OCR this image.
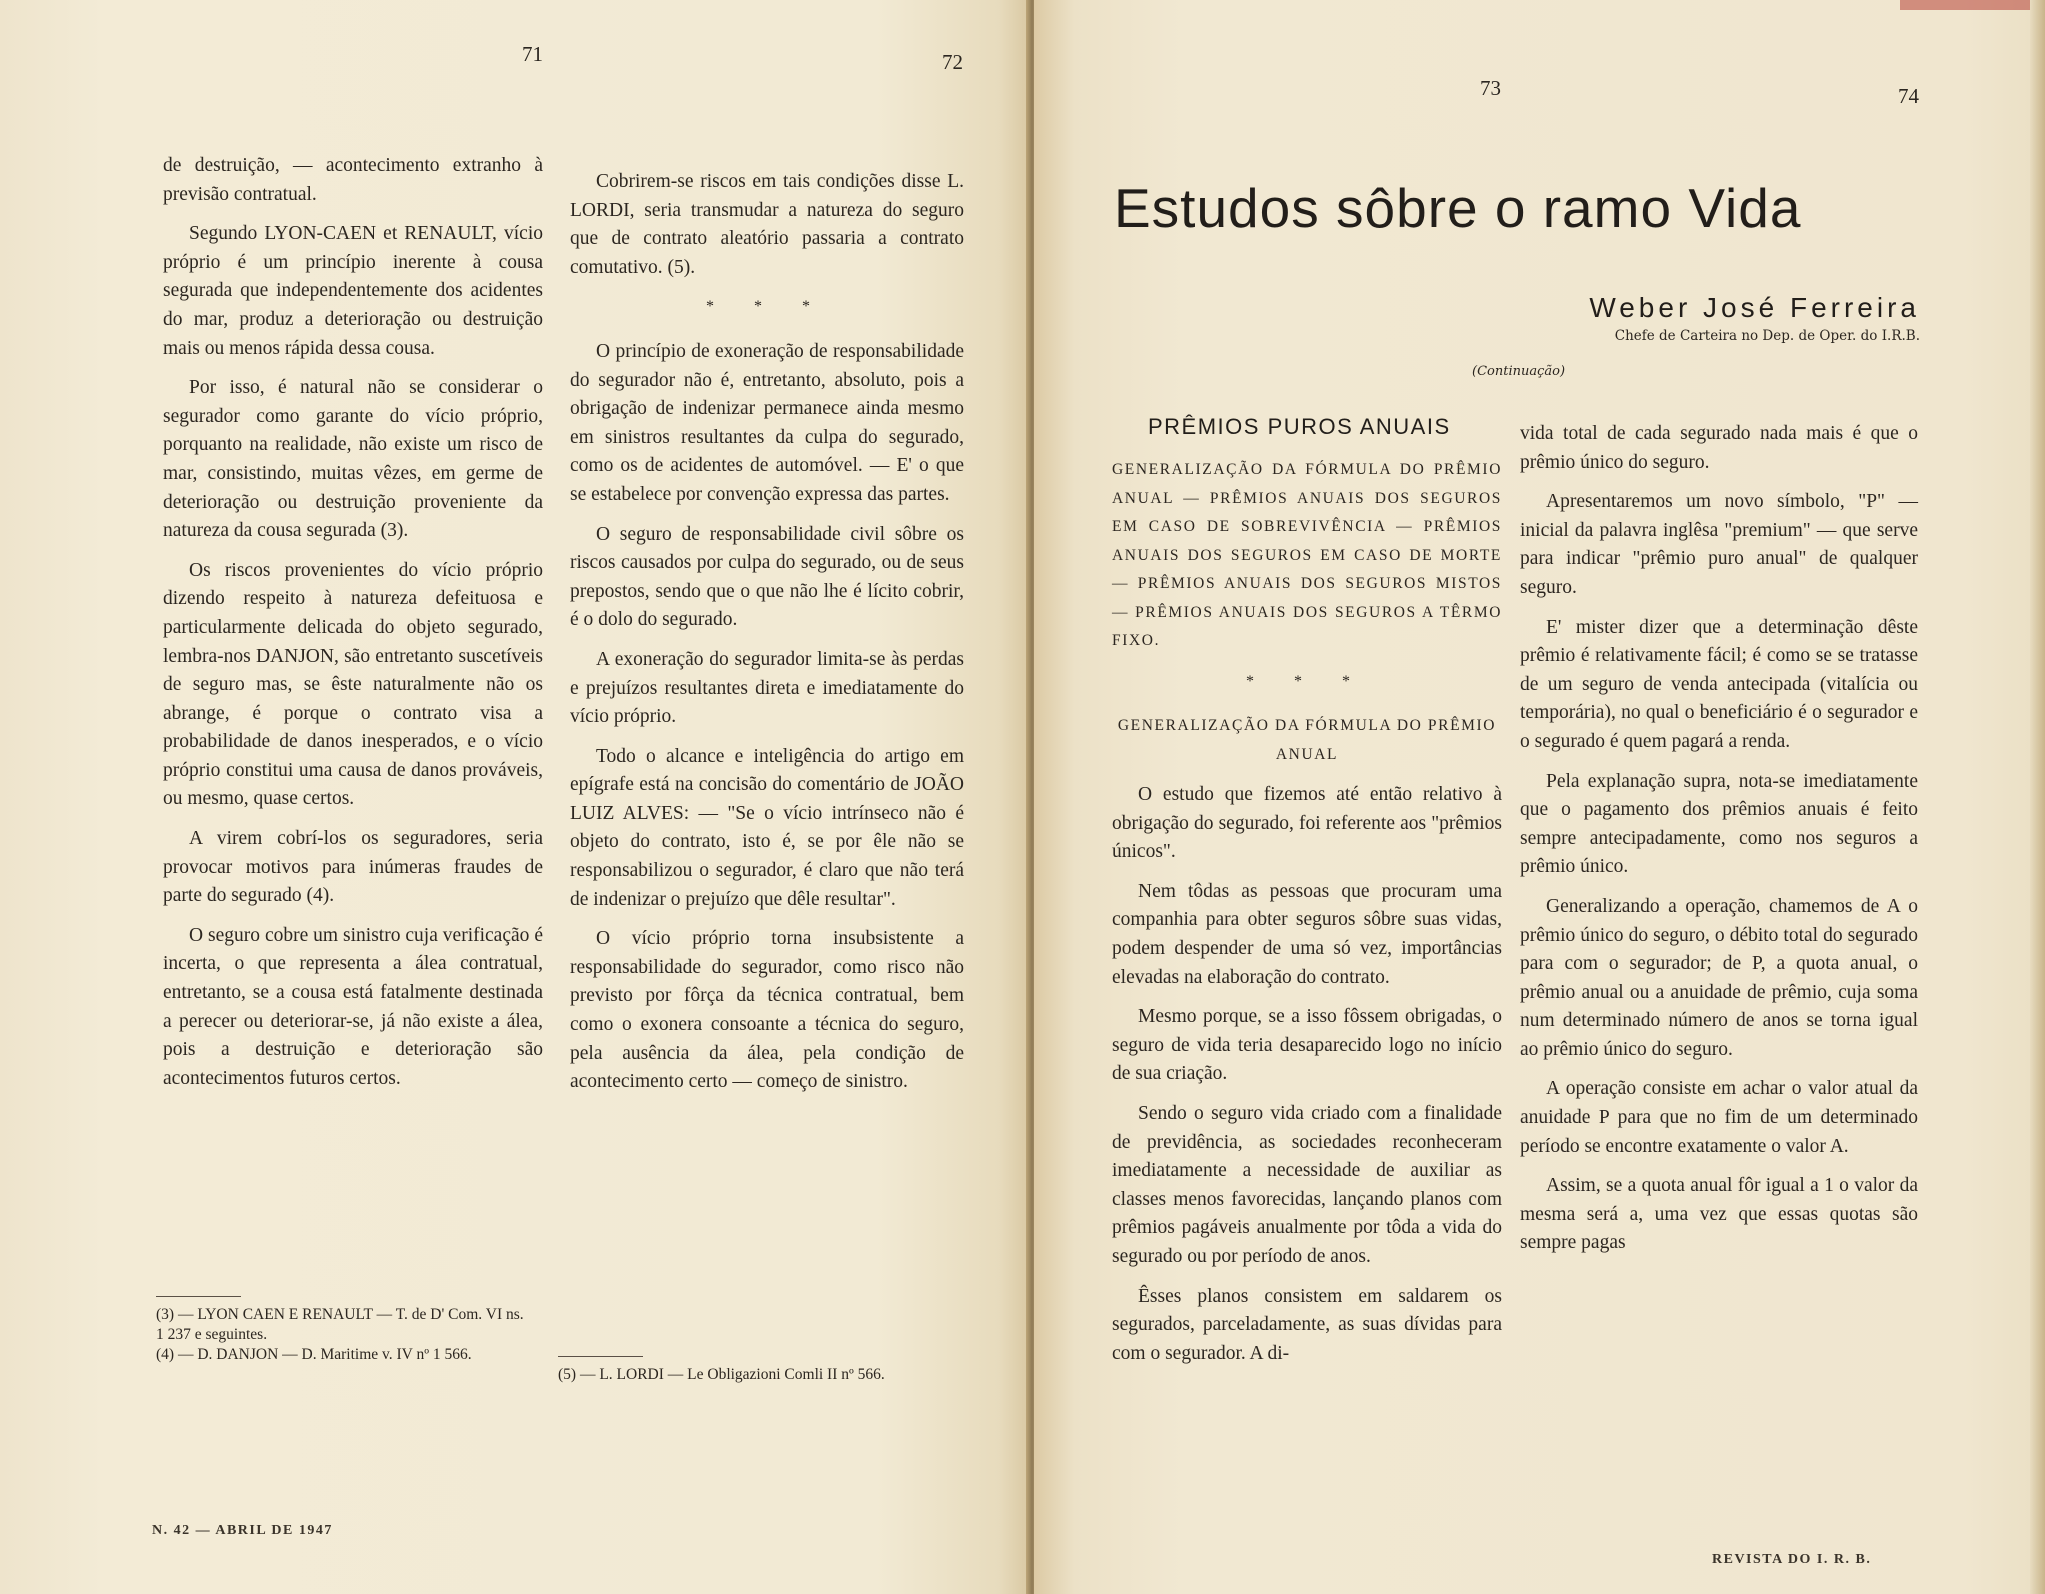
71	72

de destruição, — acontecimento extranho à previsão contratual.

Segundo LYON-CAEN et RENAULT, vício próprio é um princípio inerente à cousa segurada que independentemente dos acidentes do mar, produz a deterioração ou destruição mais ou menos rápida dessa cousa.

Por isso, é natural não se considerar o segurador como garante do vício próprio, porquanto na realidade, não existe um risco de mar, consistindo, muitas vêzes, em germe de deterioração ou destruição proveniente da natureza da cousa segurada (3).

Os riscos provenientes do vício próprio dizendo respeito à natureza defeituosa e particularmente delicada do objeto segurado, lembra-nos DANJON, são entretanto suscetíveis de seguro mas, se êste naturalmente não os abrange, é porque o contrato visa a probabilidade de danos inesperados, e o vício próprio constitui uma causa de danos prováveis, ou mesmo, quase certos.

A virem cobrí-los os seguradores, seria provocar motivos para inúmeras fraudes de parte do segurado (4).

O seguro cobre um sinistro cuja verificação é incerta, o que representa a álea contratual, entretanto, se a cousa está fatalmente destinada a perecer ou deteriorar-se, já não existe a álea, pois a destruição e deterioração são acontecimentos futuros certos.

(3) — LYON CAEN E RENAULT — T. de D' Com. VI ns. 1 237 e seguintes.
(4) — D. DANJON — D. Maritime v. IV nº 1 566.

Cobrirem-se riscos em tais condições disse L. LORDI, seria transmudar a natureza do seguro que de contrato aleatório passaria a contrato comutativo. (5).

* * *

O princípio de exoneração de responsabilidade do segurador não é, entretanto, absoluto, pois a obrigação de indenizar permanece ainda mesmo em sinistros resultantes da culpa do segurado, como os de acidentes de automóvel. — E' o que se estabelece por convenção expressa das partes.

O seguro de responsabilidade civil sôbre os riscos causados por culpa do segurado, ou de seus prepostos, sendo que o que não lhe é lícito cobrir, é o dolo do segurado.

A exoneração do segurador limita-se às perdas e prejuízos resultantes direta e imediatamente do vício próprio.

Todo o alcance e inteligência do artigo em epígrafe está na concisão do comentário de JOÃO LUIZ ALVES: — "Se o vício intrínseco não é objeto do contrato, isto é, se por êle não se responsabilizou o segurador, é claro que não terá de indenizar o prejuízo que dêle resultar".

O vício próprio torna insubsistente a responsabilidade do segurador, como risco não previsto por fôrça da técnica contratual, bem como o exonera consoante a técnica do seguro, pela ausência da álea, pela condição de acontecimento certo — começo de sinistro.

(5) — L. LORDI — Le Obligazioni Comli II nº 566.
N. 42 — ABRIL DE 1947
73	74
Estudos sôbre o ramo Vida
Weber José Ferreira
Chefe de Carteira no Dep. de Oper. do I.R.B.
(Continuação)
PRÊMIOS PUROS ANUAIS
GENERALIZAÇÃO DA FÓRMULA DO PRÊMIO ANUAL — PRÊMIOS ANUAIS DOS SEGUROS EM CASO DE SOBREVIVÊNCIA — PRÊMIOS ANUAIS DOS SEGUROS EM CASO DE MORTE — PRÊMIOS ANUAIS DOS SEGUROS MISTOS — PRÊMIOS ANUAIS DOS SEGUROS A TÊRMO FIXO.
* * *
GENERALIZAÇÃO DA FÓRMULA DO PRÊMIO ANUAL

O estudo que fizemos até então relativo à obrigação do segurado, foi referente aos "prêmios únicos".

Nem tôdas as pessoas que procuram uma companhia para obter seguros sôbre suas vidas, podem despender de uma só vez, importâncias elevadas na elaboração do contrato.

Mesmo porque, se a isso fôssem obrigadas, o seguro de vida teria desaparecido logo no início de sua criação.

Sendo o seguro vida criado com a finalidade de previdência, as sociedades reconheceram imediatamente a necessidade de auxiliar as classes menos favorecidas, lançando planos com prêmios pagáveis anualmente por tôda a vida do segurado ou por período de anos.

Êsses planos consistem em saldarem os segurados, parceladamente, as suas dívidas para com o segurador. A di-

vida total de cada segurado nada mais é que o prêmio único do seguro.

Apresentaremos um novo símbolo, "P" — inicial da palavra inglêsa "premium" — que serve para indicar "prêmio puro anual" de qualquer seguro.

E' mister dizer que a determinação dêste prêmio é relativamente fácil; é como se se tratasse de um seguro de venda antecipada (vitalícia ou temporária), no qual o beneficiário é o segurador e o segurado é quem pagará a renda.

Pela explanação supra, nota-se imediatamente que o pagamento dos prêmios anuais é feito sempre antecipadamente, como nos seguros a prêmio único.

Generalizando a operação, chamemos de A o prêmio único do seguro, o débito total do segurado para com o segurador; de P, a quota anual, o prêmio anual ou a anuidade de prêmio, cuja soma num determinado número de anos se torna igual ao prêmio único do seguro.

A operação consiste em achar o valor atual da anuidade P para que no fim de um determinado período se encontre exatamente o valor A.

Assim, se a quota anual fôr igual a 1 o valor da mesma será a, uma vez que essas quotas são sempre pagas

REVISTA DO I. R. B.
